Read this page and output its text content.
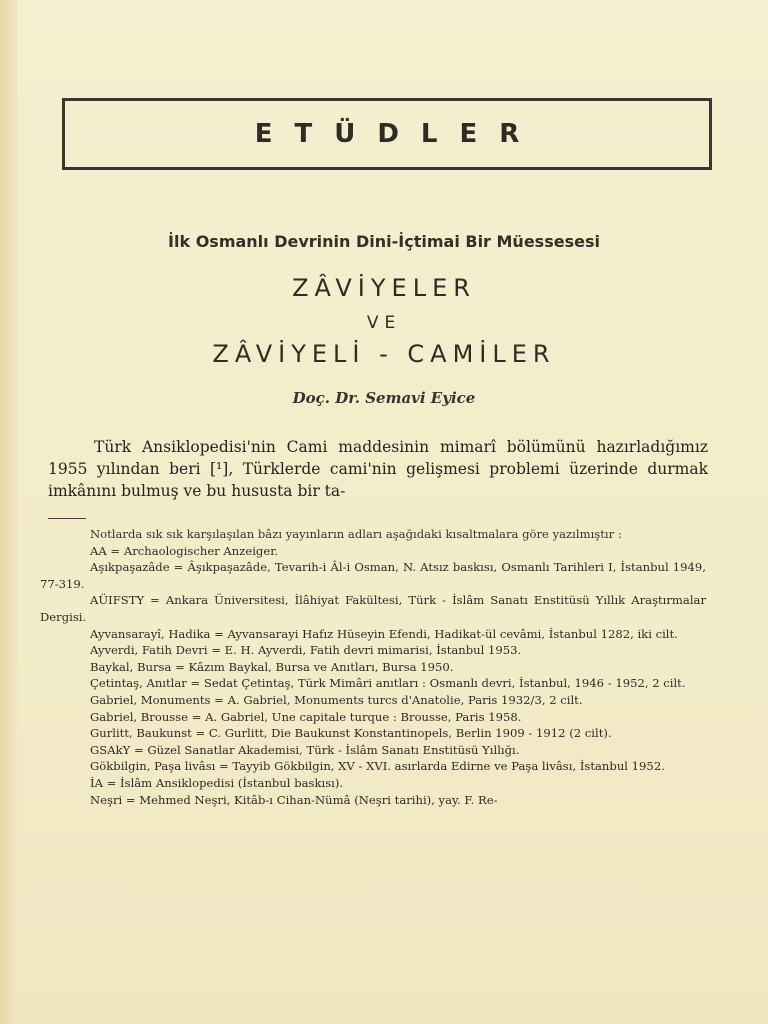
ETÜDLER
İlk Osmanlı Devrinin Dini-İçtimai Bir Müessesesi
ZÂVİYELER
VE
ZÂVİYELİ - CAMİLER
Doç. Dr. Semavi Eyice

Türk Ansiklopedisi'nin Cami maddesinin mimarî bölümünü hazırladığımız 1955 yılından beri [¹], Türklerde cami'nin gelişmesi problemi üzerinde durmak imkânını bulmuş ve bu hususta bir ta-

Notlarda sık sık karşılaşılan bâzı yayınların adları aşağıdaki kısaltmalara göre yazılmıştır :

AA = Archaologischer Anzeiger.

Aşıkpaşazâde = Âşıkpaşazâde, Tevarih-i Âl-i Osman, N. Atsız baskısı, Osmanlı Tarihleri I, İstanbul 1949, 77-319.

AÜIFSTY = Ankara Üniversitesi, İlâhiyat Fakültesi, Türk - İslâm Sanatı Enstitüsü Yıllık Araştırmalar Dergisi.

Ayvansarayî, Hadika = Ayvansarayi Hafız Hüseyin Efendi, Hadikat-ül cevâmi, İstanbul 1282, iki cilt.

Ayverdi, Fatih Devri = E. H. Ayverdi, Fatih devri mimarisi, İstanbul 1953.

Baykal, Bursa = Kâzım Baykal, Bursa ve Anıtları, Bursa 1950.

Çetintaş, Anıtlar = Sedat Çetintaş, Türk Mimâri anıtları : Osmanlı devri, İstanbul, 1946 - 1952, 2 cilt.

Gabriel, Monuments = A. Gabriel, Monuments turcs d'Anatolie, Paris 1932/3, 2 cilt.

Gabriel, Brousse = A. Gabriel, Une capitale turque : Brousse, Paris 1958.

Gurlitt, Baukunst = C. Gurlitt, Die Baukunst Konstantinopels, Berlin 1909 - 1912 (2 cilt).

GSAkY = Güzel Sanatlar Akademisi, Türk - İslâm Sanatı Enstitüsü Yıllığı.

Gökbilgin, Paşa livâsı = Tayyib Gökbilgin, XV - XVI. asırlarda Edirne ve Paşa livâsı, İstanbul 1952.

İA = İslâm Ansiklopedisi (İstanbul baskısı).

Neşri = Mehmed Neşri, Kitâb-ı Cihan-Nümâ (Neşri tarihi), yay. F. Re-
